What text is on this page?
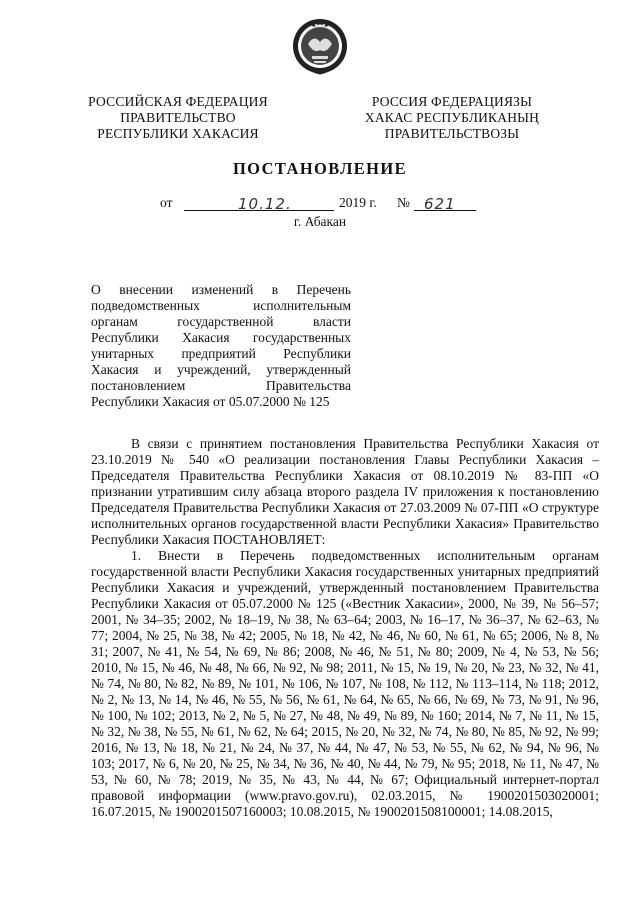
РОССИЙСКАЯ ФЕДЕРАЦИЯ
ПРАВИТЕЛЬСТВО
РЕСПУБЛИКИ ХАКАСИЯ
РОССИЯ ФЕДЕРАЦИЯЗЫ
ХАКАС РЕСПУБЛИКАНЫҢ
ПРАВИТЕЛЬСТВОЗЫ
ПОСТАНОВЛЕНИЕ
от	10.12.	2019 г. № 621
г. Абакан
О внесении изменений в Перечень
подведомственных исполнительным
органам государственной власти
Республики Хакасия государственных
унитарных предприятий Республики
Хакасия и учреждений, утвержденный
постановлением Правительства
Республики Хакасия от 05.07.2000 № 125

В связи с принятием постановления Правительства Республики Хакасия от 23.10.2019 № 540 «О реализации постановления Главы Республики Хакасия – Председателя Правительства Республики Хакасия от 08.10.2019 № 83-ПП «О признании утратившим силу абзаца второго раздела IV приложения к постановлению Председателя Правительства Республики Хакасия от 27.03.2009 № 07-ПП «О структуре исполнительных органов государственной власти Республики Хакасия» Правительство Республики Хакасия ПОСТАНОВЛЯЕТ:

1. Внести в Перечень подведомственных исполнительным органам государственной власти Республики Хакасия государственных унитарных предприятий Республики Хакасия и учреждений, утвержденный постановлением Правительства Республики Хакасия от 05.07.2000 № 125 («Вестник Хакасии», 2000, № 39, № 56–57; 2001, № 34–35; 2002, № 18–19, № 38, № 63–64; 2003, № 16–17, № 36–37, № 62–63, № 77; 2004, № 25, № 38, № 42; 2005, № 18, № 42, № 46, № 60, № 61, № 65; 2006, № 8, № 31; 2007, № 41, № 54, № 69, № 86; 2008, № 46, № 51, № 80; 2009, № 4, № 53, № 56; 2010, № 15, № 46, № 48, № 66, № 92, № 98; 2011, № 15, № 19, № 20, № 23, № 32, № 41, № 74, № 80, № 82, № 89, № 101, № 106, № 107, № 108, № 112, № 113–114, № 118; 2012, № 2, № 13, № 14, № 46, № 55, № 56, № 61, № 64, № 65, № 66, № 69, № 73, № 91, № 96, № 100, № 102; 2013, № 2, № 5, № 27, № 48, № 49, № 89, № 160; 2014, № 7, № 11, № 15, № 32, № 38, № 55, № 61, № 62, № 64; 2015, № 20, № 32, № 74, № 80, № 85, № 92, № 99; 2016, № 13, № 18, № 21, № 24, № 37, № 44, № 47, № 53, № 55, № 62, № 94, № 96, № 103; 2017, № 6, № 20, № 25, № 34, № 36, № 40, № 44, № 79, № 95; 2018, № 11, № 47, № 53, № 60, № 78; 2019, № 35, № 43, № 44, № 67; Официальный интернет-портал правовой информации (www.pravo.gov.ru), 02.03.2015, № 1900201503020001; 16.07.2015, № 1900201507160003; 10.08.2015, № 1900201508100001; 14.08.2015,
